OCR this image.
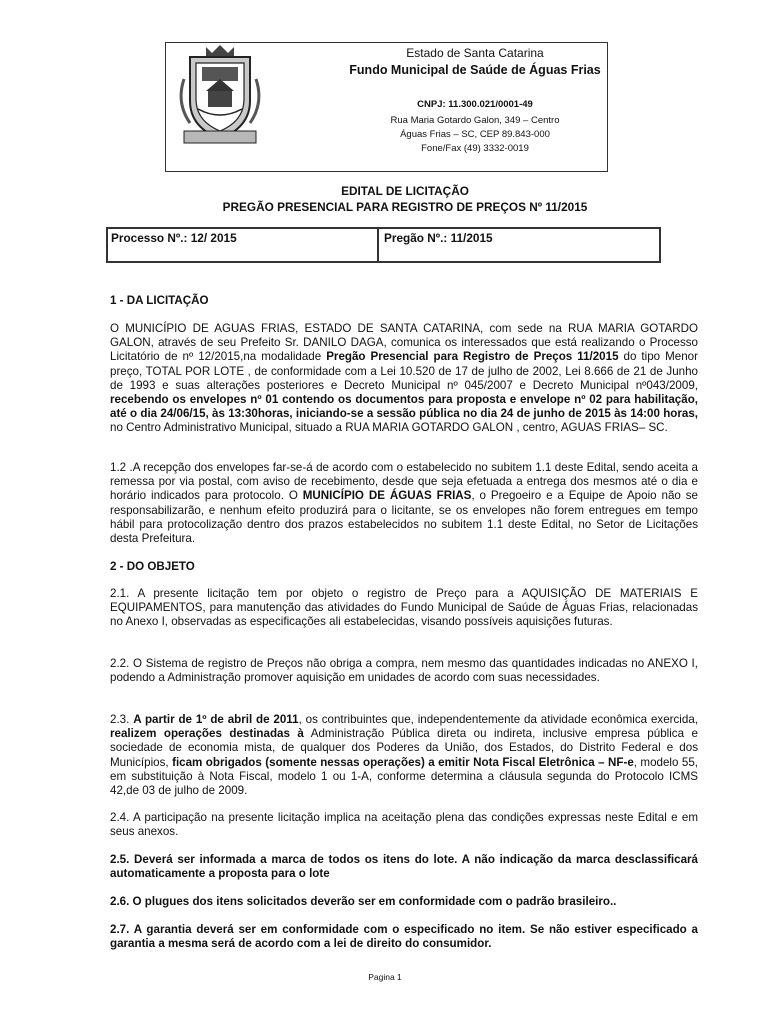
Estado de Santa Catarina
Fundo Municipal de Saúde de Águas Frias
CNPJ: 11.300.021/0001-49
Rua Maria Gotardo Galon, 349 – Centro
Águas Frias – SC, CEP 89.843-000
Fone/Fax (49) 3332-0019
EDITAL DE LICITAÇÃO
PREGÃO PRESENCIAL PARA REGISTRO DE PREÇOS Nº 11/2015
Processo Nº.: 12/ 2015	Pregão Nº.: 11/2015

1 - DA LICITAÇÃO

O MUNICÍPIO DE AGUAS FRIAS, ESTADO DE SANTA CATARINA, com sede na RUA MARIA GOTARDO GALON, através de seu Prefeito Sr. DANILO DAGA, comunica os interessados que está realizando o Processo Licitatório de nº 12/2015,na modalidade Pregão Presencial para Registro de Preços 11/2015 do tipo Menor preço, TOTAL POR LOTE , de conformidade com a Lei 10.520 de 17 de julho de 2002, Lei 8.666 de 21 de Junho de 1993 e suas alterações posteriores e Decreto Municipal nº 045/2007 e Decreto Municipal nº043/2009, recebendo os envelopes nº 01 contendo os documentos para proposta e envelope nº 02 para habilitação, até o dia 24/06/15, às 13:30horas, iniciando-se a sessão pública no dia 24 de junho de 2015 às 14:00 horas, no Centro Administrativo Municipal, situado a RUA MARIA GOTARDO GALON , centro, AGUAS FRIAS– SC.

1.2 .A recepção dos envelopes far-se-á de acordo com o estabelecido no subitem 1.1 deste Edital, sendo aceita a remessa por via postal, com aviso de recebimento, desde que seja efetuada a entrega dos mesmos até o dia e horário indicados para protocolo. O MUNICÍPIO DE ÁGUAS FRIAS, o Pregoeiro e a Equipe de Apoio não se responsabilizarão, e nenhum efeito produzirá para o licitante, se os envelopes não forem entregues em tempo hábil para protocolização dentro dos prazos estabelecidos no subitem 1.1 deste Edital, no Setor de Licitações desta Prefeitura.

2 - DO OBJETO

2.1. A presente licitação tem por objeto o registro de Preço para a AQUISIÇÃO DE MATERIAIS E EQUIPAMENTOS, para manutenção das atividades do Fundo Municipal de Saúde de Águas Frias, relacionadas no Anexo I, observadas as especificações ali estabelecidas, visando possíveis aquisições futuras.

2.2. O Sistema de registro de Preços não obriga a compra, nem mesmo das quantidades indicadas no ANEXO I, podendo a Administração promover aquisição em unidades de acordo com suas necessidades.

2.3. A partir de 1º de abril de 2011, os contribuintes que, independentemente da atividade econômica exercida, realizem operações destinadas à Administração Pública direta ou indireta, inclusive empresa pública e sociedade de economia mista, de qualquer dos Poderes da União, dos Estados, do Distrito Federal e dos Municípios, ficam obrigados (somente nessas operações) a emitir Nota Fiscal Eletrônica – NF-e, modelo 55, em substituição à Nota Fiscal, modelo 1 ou 1-A, conforme determina a cláusula segunda do Protocolo ICMS 42,de 03 de julho de 2009.

2.4. A participação na presente licitação implica na aceitação plena das condições expressas neste Edital e em seus anexos.

2.5. Deverá ser informada a marca de todos os itens do lote. A não indicação da marca desclassificará automaticamente a proposta para o lote

2.6. O plugues dos itens solicitados deverão ser em conformidade com o padrão brasileiro..

2.7. A garantia deverá ser em conformidade com o especificado no item. Se não estiver especificado a garantia a mesma será de acordo com a lei de direito do consumidor.

Pagina 1
